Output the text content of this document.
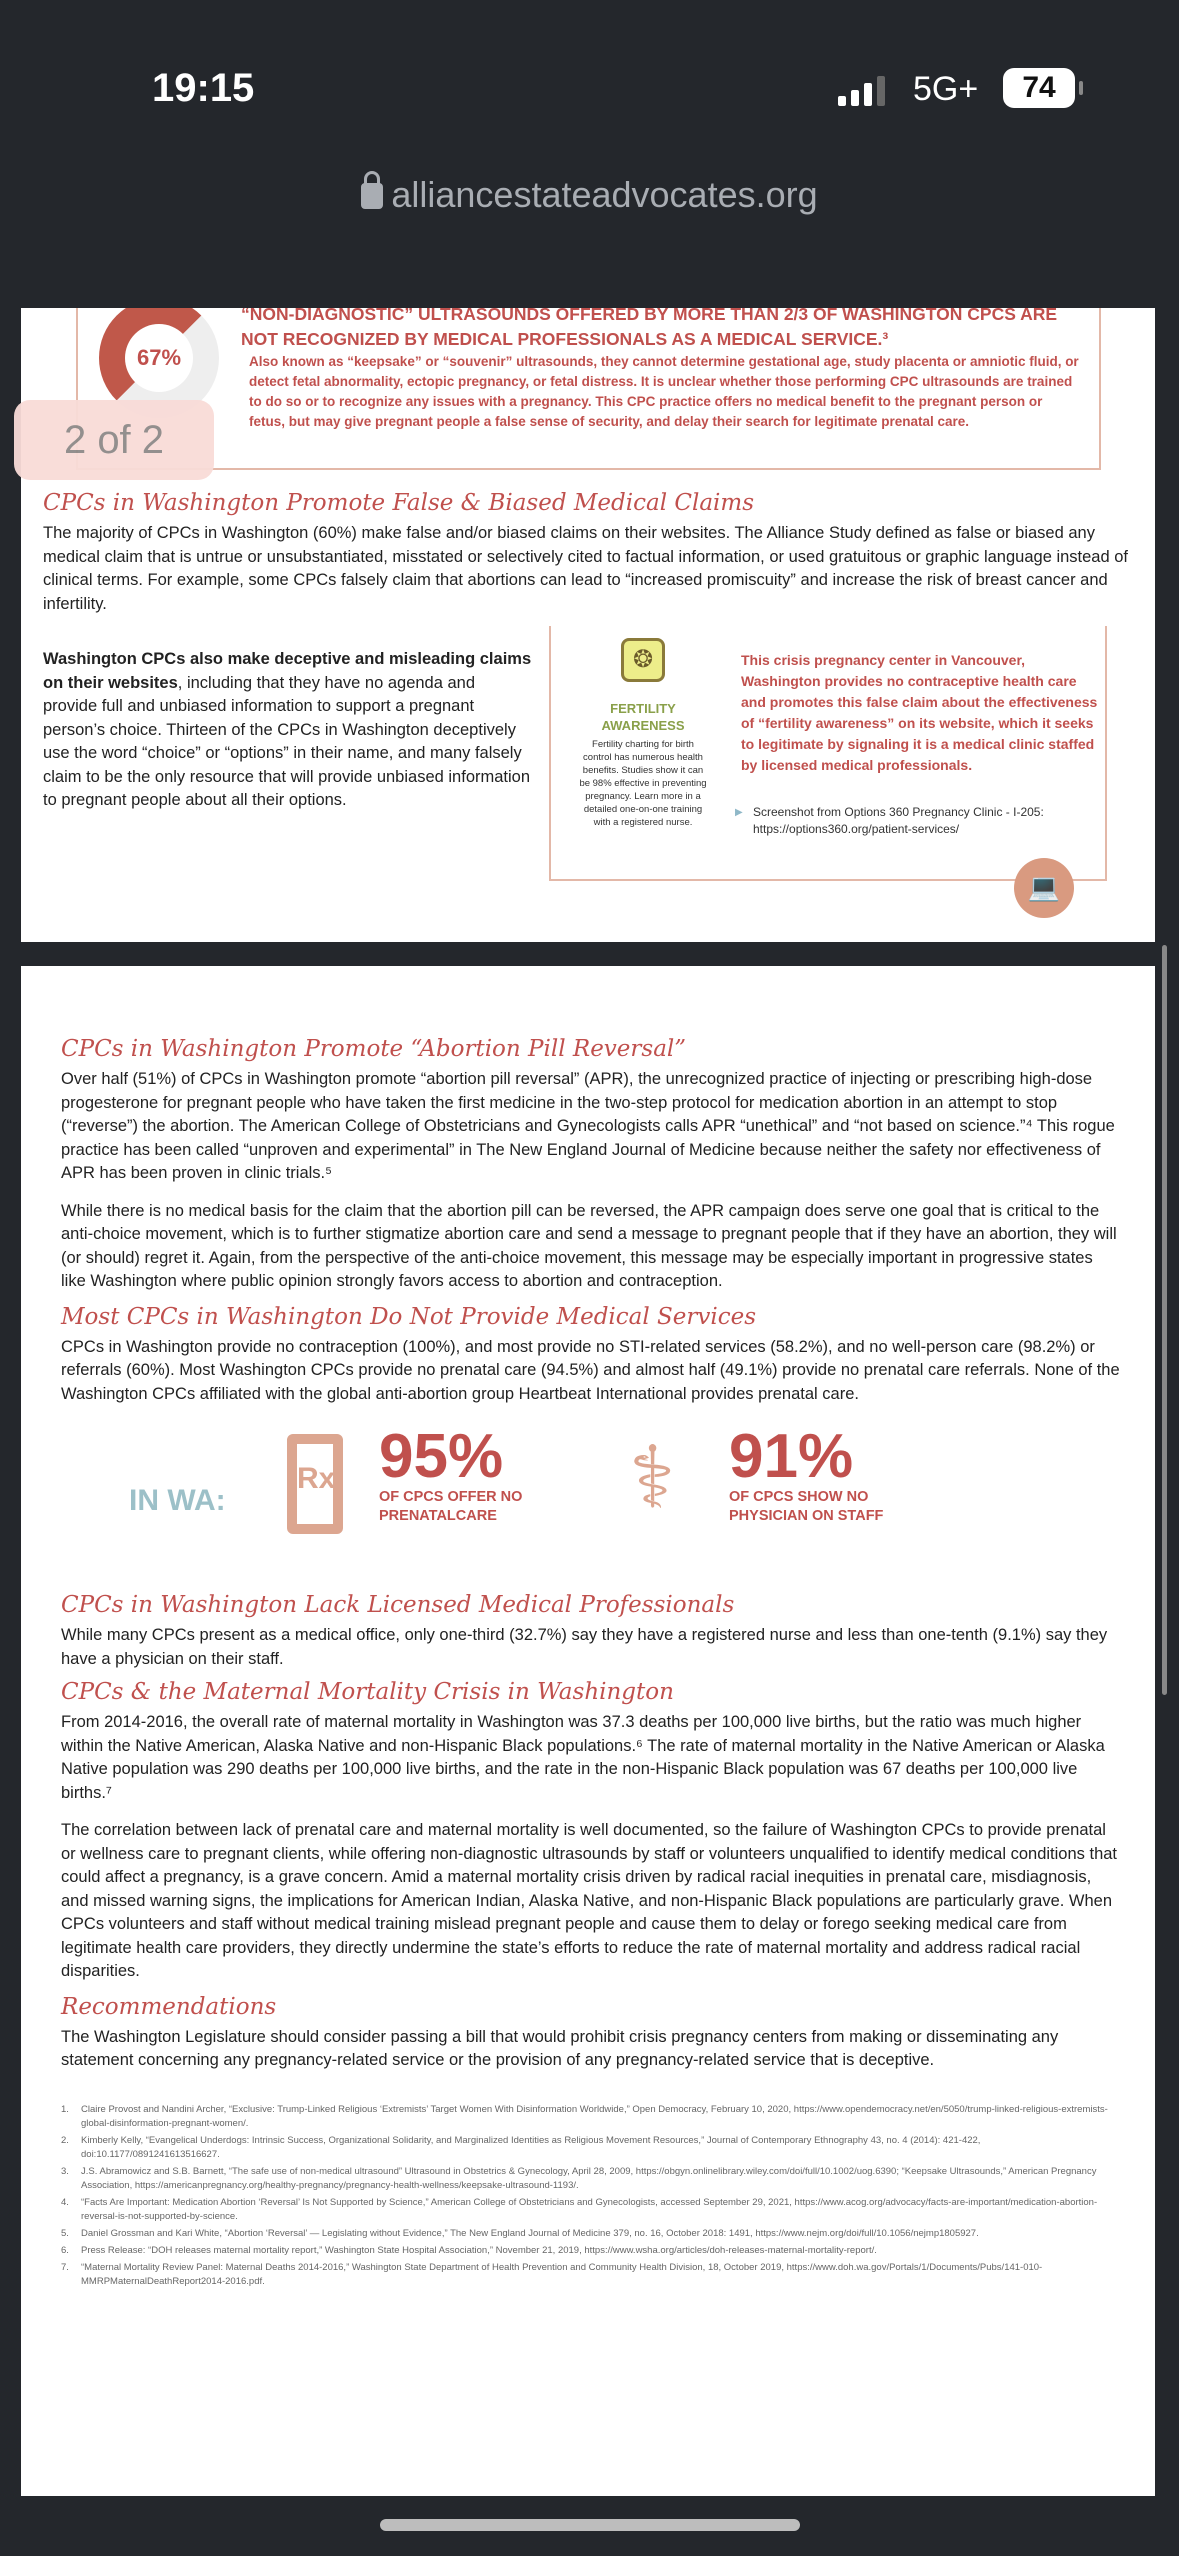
19:15	5G+	74
alliancestateadvocates.org
67%
“NON-DIAGNOSTIC” ULTRASOUNDS OFFERED BY MORE THAN 2/3 OF WASHINGTON CPCS ARE NOT RECOGNIZED BY MEDICAL PROFESSIONALS AS A MEDICAL SERVICE.³
Also known as “keepsake” or “souvenir” ultrasounds, they cannot determine gestational age, study placenta or amniotic fluid, or detect fetal abnormality, ectopic pregnancy, or fetal distress. It is unclear whether those performing CPC ultrasounds are trained to do so or to recognize any issues with a pregnancy. This CPC practice offers no medical benefit to the pregnant person or fetus, but may give pregnant people a false sense of security, and delay their search for legitimate prenatal care.
CPCs in Washington Promote False & Biased Medical Claims
The majority of CPCs in Washington (60%) make false and/or biased claims on their websites. The Alliance Study defined as false or biased any medical claim that is untrue or unsubstantiated, misstated or selectively cited to factual information, or used gratuitous or graphic language instead of clinical terms. For example, some CPCs falsely claim that abortions can lead to “increased promiscuity” and increase the risk of breast cancer and infertility.
Washington CPCs also make deceptive and misleading claims on their websites, including that they have no agenda and provide full and unbiased information to support a pregnant person’s choice. Thirteen of the CPCs in Washington deceptively use the word “choice” or “options” in their name, and many falsely claim to be the only resource that will provide unbiased information to pregnant people about all their options.
❂
FERTILITY AWARENESS
Fertility charting for birth control has numerous health benefits. Studies show it can be 98% effective in preventing pregnancy. Learn more in a detailed one-on-one training with a registered nurse.
This crisis pregnancy center in Vancouver, Washington provides no contraceptive health care and promotes this false claim about the effectiveness of “fertility awareness” on its website, which it seeks to legitimate by signaling it is a medical clinic staffed by licensed medical professionals.
▶ Screenshot from Options 360 Pregnancy Clinic - I-205: https://options360.org/patient-services/
💻
2 of 2
CPCs in Washington Promote “Abortion Pill Reversal”

Over half (51%) of CPCs in Washington promote “abortion pill reversal” (APR), the unrecognized practice of injecting or prescribing high-dose progesterone for pregnant people who have taken the first medicine in the two-step protocol for medication abortion in an attempt to stop (“reverse”) the abortion. The American College of Obstetricians and Gynecologists calls APR “unethical” and “not based on science.”⁴ This rogue practice has been called “unproven and experimental” in The New England Journal of Medicine because neither the safety nor effectiveness of APR has been proven in clinic trials.⁵

While there is no medical basis for the claim that the abortion pill can be reversed, the APR campaign does serve one goal that is critical to the anti-choice movement, which is to further stigmatize abortion care and send a message to pregnant people that if they have an abortion, they will (or should) regret it. Again, from the perspective of the anti-choice movement, this message may be especially important in progressive states like Washington where public opinion strongly favors access to abortion and contraception.

Most CPCs in Washington Do Not Provide Medical Services

CPCs in Washington provide no contraception (100%), and most provide no STI-related services (58.2%), and no well-person care (98.2%) or referrals (60%). Most Washington CPCs provide no prenatal care (94.5%) and almost half (49.1%) provide no prenatal care referrals. None of the Washington CPCs affiliated with the global anti-abortion group Heartbeat International provides prenatal care.

IN WA:
Rx 95%
OF CPCS OFFER NO PRENATALCARE	⚕ 91%
OF CPCS SHOW NO PHYSICIAN ON STAFF
CPCs in Washington Lack Licensed Medical Professionals

While many CPCs present as a medical office, only one-third (32.7%) say they have a registered nurse and less than one-tenth (9.1%) say they have a physician on their staff.

CPCs & the Maternal Mortality Crisis in Washington

From 2014-2016, the overall rate of maternal mortality in Washington was 37.3 deaths per 100,000 live births, but the ratio was much higher within the Native American, Alaska Native and non-Hispanic Black populations.⁶ The rate of maternal mortality in the Native American or Alaska Native population was 290 deaths per 100,000 live births, and the rate in the non-Hispanic Black population was 67 deaths per 100,000 live births.⁷

The correlation between lack of prenatal care and maternal mortality is well documented, so the failure of Washington CPCs to provide prenatal or wellness care to pregnant clients, while offering non-diagnostic ultrasounds by staff or volunteers unqualified to identify medical conditions that could affect a pregnancy, is a grave concern. Amid a maternal mortality crisis driven by radical racial inequities in prenatal care, misdiagnosis, and missed warning signs, the implications for American Indian, Alaska Native, and non-Hispanic Black populations are particularly grave. When CPCs volunteers and staff without medical training mislead pregnant people and cause them to delay or forego seeking medical care from legitimate health care providers, they directly undermine the state’s efforts to reduce the rate of maternal mortality and address radical racial disparities.

Recommendations

The Washington Legislature should consider passing a bill that would prohibit crisis pregnancy centers from making or disseminating any statement concerning any pregnancy-related service or the provision of any pregnancy-related service that is deceptive.

1. Claire Provost and Nandini Archer, “Exclusive: Trump-Linked Religious ‘Extremists’ Target Women With Disinformation Worldwide,” Open Democracy, February 10, 2020, https://www.opendemocracy.net/en/5050/trump-linked-religious-extremists-global-disinformation-pregnant-women/.
2. Kimberly Kelly, “Evangelical Underdogs: Intrinsic Success, Organizational Solidarity, and Marginalized Identities as Religious Movement Resources,” Journal of Contemporary Ethnography 43, no. 4 (2014): 421-422, doi:10.1177/0891241613516627.
3. J.S. Abramowicz and S.B. Barnett, “The safe use of non-medical ultrasound” Ultrasound in Obstetrics & Gynecology, April 28, 2009, https://obgyn.onlinelibrary.wiley.com/doi/full/10.1002/uog.6390; “Keepsake Ultrasounds,” American Pregnancy Association, https://americanpregnancy.org/healthy-pregnancy/pregnancy-health-wellness/keepsake-ultrasound-1193/.
4. “Facts Are Important: Medication Abortion ‘Reversal’ Is Not Supported by Science,” American College of Obstetricians and Gynecologists, accessed September 29, 2021, https://www.acog.org/advocacy/facts-are-important/medication-abortion-reversal-is-not-supported-by-science.
5. Daniel Grossman and Kari White, “Abortion ‘Reversal’ — Legislating without Evidence,” The New England Journal of Medicine 379, no. 16, October 2018: 1491, https://www.nejm.org/doi/full/10.1056/nejmp1805927.
6. Press Release: “DOH releases maternal mortality report,” Washington State Hospital Association,” November 21, 2019, https://www.wsha.org/articles/doh-releases-maternal-mortality-report/.
7. “Maternal Mortality Review Panel: Maternal Deaths 2014-2016,” Washington State Department of Health Prevention and Community Health Division, 18, October 2019, https://www.doh.wa.gov/Portals/1/Documents/Pubs/141-010-MMRPMaternalDeathReport2014-2016.pdf.
